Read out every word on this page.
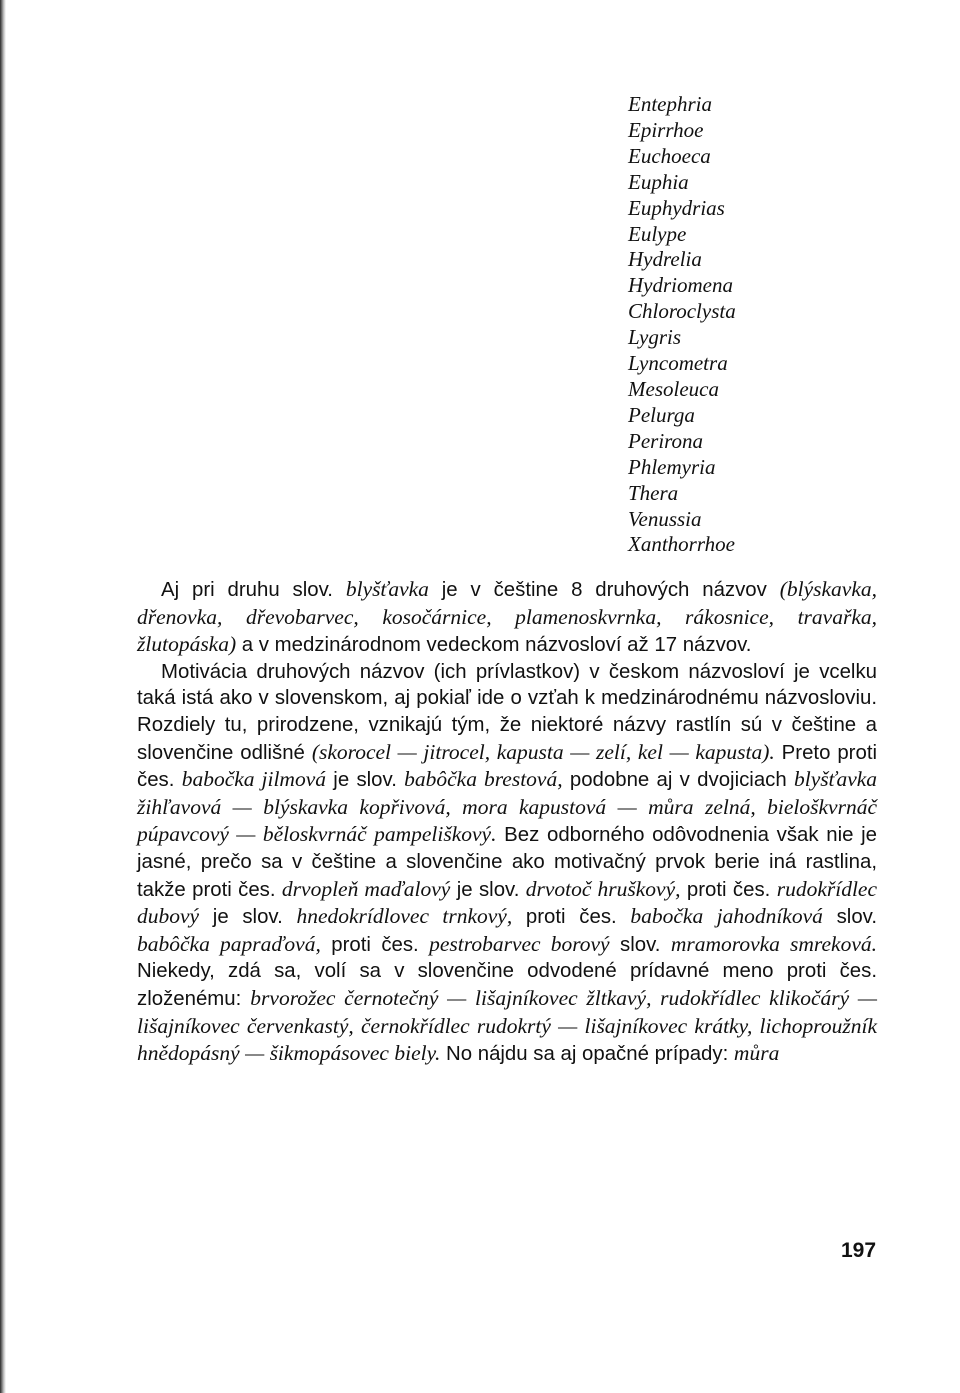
Entephria
Epirrhoe
Euchoeca
Euphia
Euphydrias
Eulype
Hydrelia
Hydriomena
Chloroclysta
Lygris
Lyncometra
Mesoleuca
Pelurga
Perirona
Phlemyria
Thera
Venussia
Xanthorrhoe

Aj pri druhu slov. blyšťavka je v češtine 8 druhových názvov (blýskavka, dřenovka, dřevobarvec, kosočárnice, plamenoskvrnka, rákosnice, travařka, žlutopáska) a v medzinárodnom vedeckom názvosloví až 17 názvov.

Motivácia druhových názvov (ich prívlastkov) v českom názvosloví je vcelku taká istá ako v slovenskom, aj pokiaľ ide o vzťah k medzinárodnému názvosloviu. Rozdiely tu, prirodzene, vznikajú tým, že niektoré názvy rastlín sú v češtine a slovenčine odlišné (skorocel — jitrocel, kapusta — zelí, kel — kapusta). Preto proti čes. babočka jilmová je slov. babôčka brestová, podobne aj v dvojiciach blyšťavka žihľavová — blýskavka kopřivová, mora kapustová — můra zelná, bieloškvrnáč púpavcový — běloskvrnáč pampeliškový. Bez odborného odôvodnenia však nie je jasné, prečo sa v češtine a slovenčine ako motivačný prvok berie iná rastlina, takže proti čes. drvopleň maďalový je slov. drvotoč hruškový, proti čes. rudokřídlec dubový je slov. hnedokrídlovec trnkový, proti čes. babočka jahodníková slov. babôčka papraďová, proti čes. pestrobarvec borový slov. mramorovka smreková. Niekedy, zdá sa, volí sa v slovenčine odvodené prídavné meno proti čes. zloženému: brvorožec černotečný — lišajníkovec žltkavý, rudokřídlec klikočárý — lišajníkovec červenkastý, černokřídlec rudokrtý — lišajníkovec krátky, lichoproužník hnědopásný — šikmopásovec biely. No nájdu sa aj opačné prípady: můra

197
